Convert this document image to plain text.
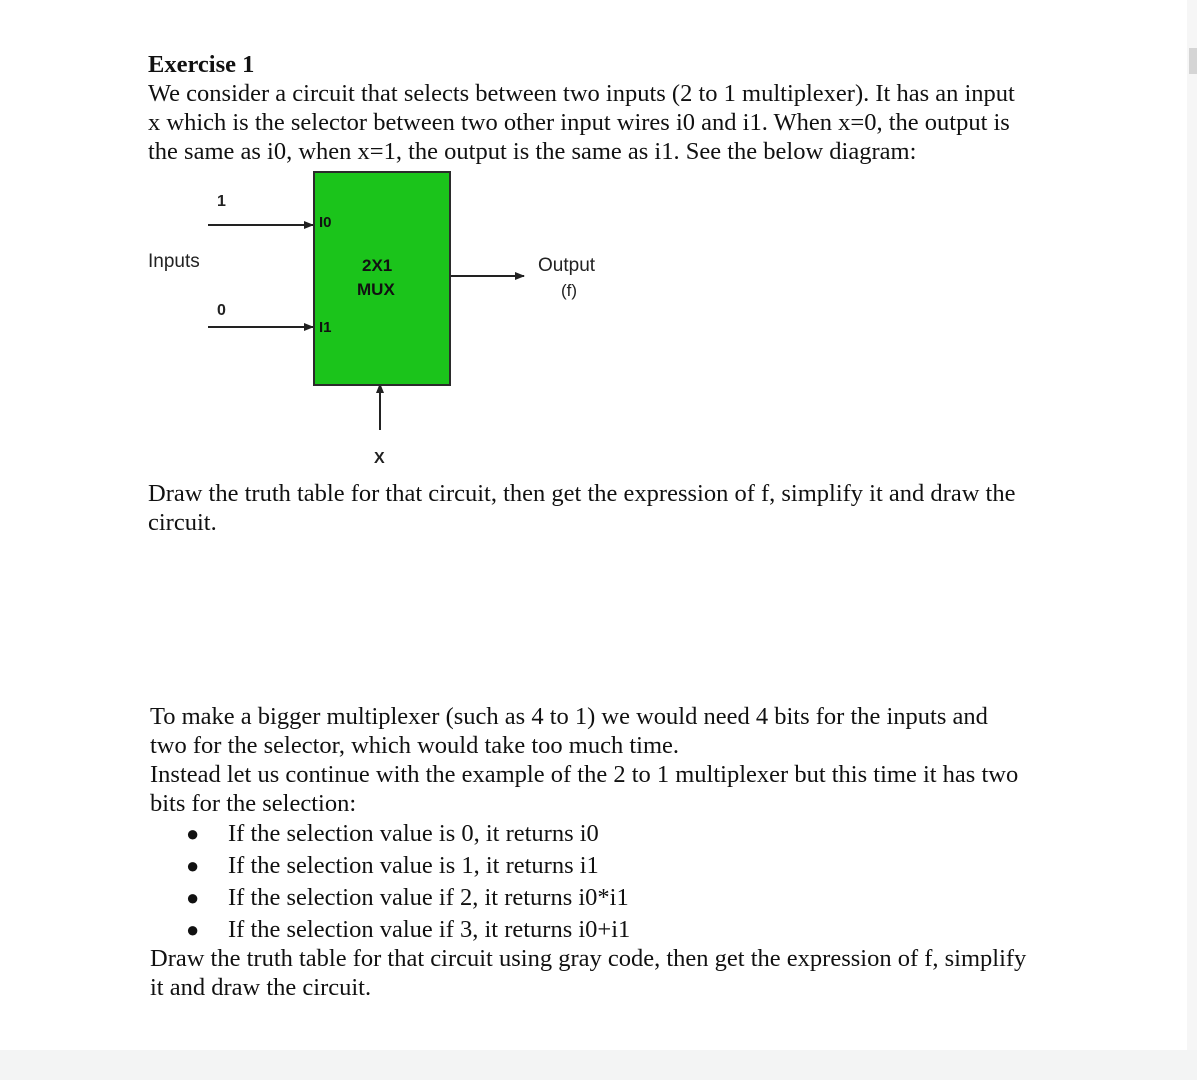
Exercise 1
We consider a circuit that selects between two inputs (2 to 1 multiplexer). It has an input
x which is the selector between two other input wires i0 and i1. When x=0, the output is
the same as i0, when x=1, the output is the same as i1. See the below diagram:
Inputs
1
0
I0
I1
2X1
MUX
Output
(f)
X
Draw the truth table for that circuit, then get the expression of f, simplify it and draw the
circuit.
To make a bigger multiplexer (such as 4 to 1) we would need 4 bits for the inputs and
two for the selector, which would take too much time.
Instead let us continue with the example of the 2 to 1 multiplexer but this time it has two
bits for the selection:
● If the selection value is 0, it returns i0
● If the selection value is 1, it returns i1
● If the selection value if 2, it returns i0*i1
● If the selection value if 3, it returns i0+i1
Draw the truth table for that circuit using gray code, then get the expression of f, simplify
it and draw the circuit.
